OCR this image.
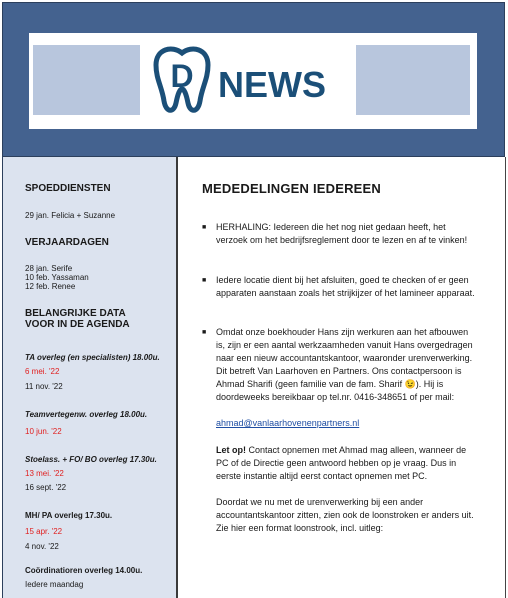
D NEWS
SPOEDDIENSTEN
29 jan. Felicia + Suzanne
VERJAARDAGEN
28 jan. Serife
10 feb. Yassaman
12 feb. Renee
BELANGRIJKE DATA
VOOR IN DE AGENDA
TA overleg (en specialisten) 18.00u.
6 mei. '22
11 nov. '22
Teamvertegenw. overleg 18.00u.
10 jun. '22
Stoelass. + FO/ BO overleg 17.30u.
13 mei. '22
16 sept. '22
MH/ PA overleg 17.30u.
15 apr. '22
4 nov. '22
Coördinatioren overleg 14.00u.
Iedere maandag
MEDEDELINGEN IEDEREEN
■ HERHALING: Iedereen die het nog niet gedaan heeft, het verzoek om het bedrijfsreglement door te lezen en af te vinken!
■ Iedere locatie dient bij het afsluiten, goed te checken of er geen apparaten aanstaan zoals het strijkijzer of het lamineer apparaat.
■ Omdat onze boekhouder Hans zijn werkuren aan het afbouwen is, zijn er een aantal werkzaamheden vanuit Hans overgedragen naar een nieuw accountantskantoor, waaronder urenverwerking. Dit betreft Van Laarhoven en Partners. Ons contactpersoon is Ahmad Sharifi (geen familie van de fam. Sharif 😉). Hij is doordeweeks bereikbaar op tel.nr. 0416-348651 of per mail:
ahmad@vanlaarhovenenpartners.nl
Let op! Contact opnemen met Ahmad mag alleen, wanneer de PC of de Directie geen antwoord hebben op je vraag. Dus in eerste instantie altijd eerst contact opnemen met PC.
Doordat we nu met de urenverwerking bij een ander accountantskantoor zitten, zien ook de loonstroken er anders uit. Zie hier een format loonstrook, incl. uitleg:
